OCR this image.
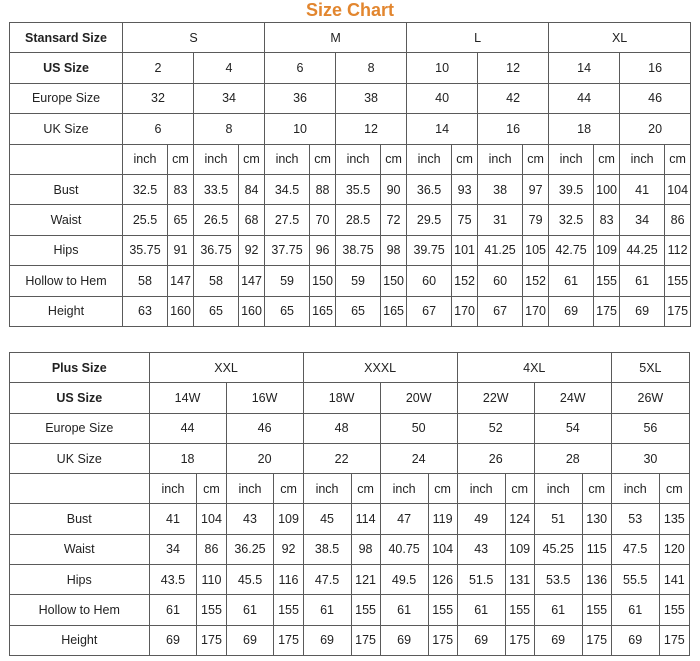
Size Chart
Stansard Size	S				M				L				XL			
US Size	2		4		6		8		10		12		14		16	
Europe Size	32		34		36		38		40		42		44		46	
UK Size	6		8		10		12		14		16		18		20	
	inch	cm	inch	cm	inch	cm	inch	cm	inch	cm	inch	cm	inch	cm	inch	cm
Bust	32.5	83	33.5	84	34.5	88	35.5	90	36.5	93	38	97	39.5	100	41	104
Waist	25.5	65	26.5	68	27.5	70	28.5	72	29.5	75	31	79	32.5	83	34	86
Hips	35.75	91	36.75	92	37.75	96	38.75	98	39.75	101	41.25	105	42.75	109	44.25	112
Hollow to Hem	58	147	58	147	59	150	59	150	60	152	60	152	61	155	61	155
Height	63	160	65	160	65	165	65	165	67	170	67	170	69	175	69	175
Plus Size	XXL				XXXL				4XL				5XL	
US Size	14W		16W		18W		20W		22W		24W		26W	
Europe Size	44		46		48		50		52		54		56	
UK Size	18		20		22		24		26		28		30	
	inch	cm	inch	cm	inch	cm	inch	cm	inch	cm	inch	cm	inch	cm
Bust	41	104	43	109	45	114	47	119	49	124	51	130	53	135
Waist	34	86	36.25	92	38.5	98	40.75	104	43	109	45.25	115	47.5	120
Hips	43.5	110	45.5	116	47.5	121	49.5	126	51.5	131	53.5	136	55.5	141
Hollow to Hem	61	155	61	155	61	155	61	155	61	155	61	155	61	155
Height	69	175	69	175	69	175	69	175	69	175	69	175	69	175
